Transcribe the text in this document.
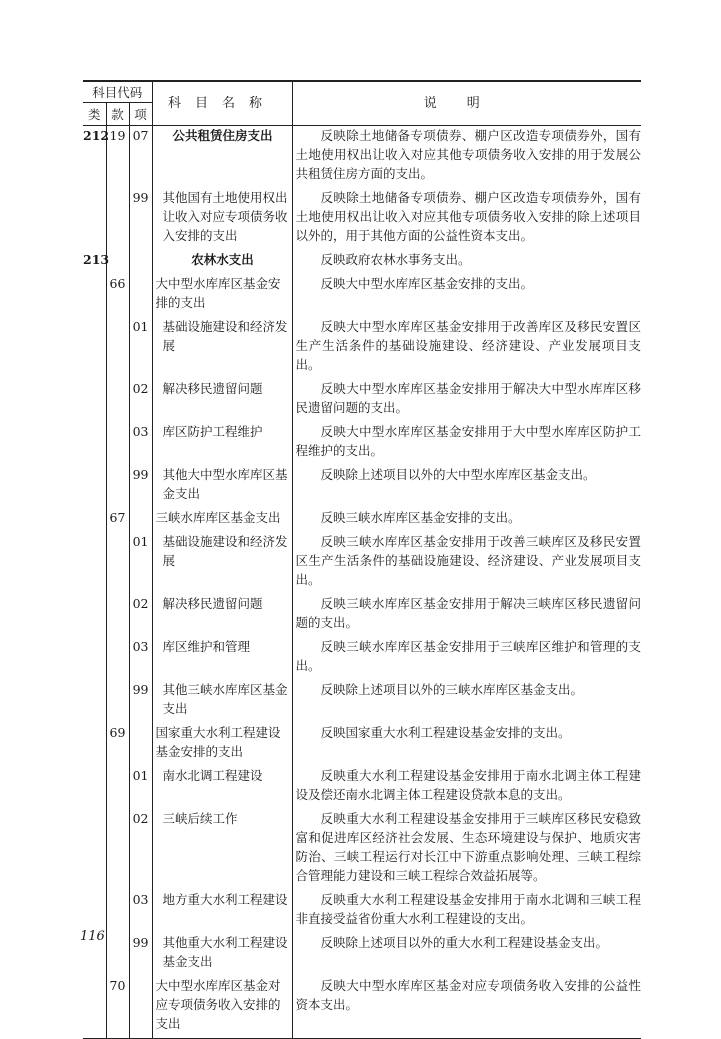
科目代码			科目名称	说明
类	款	项		
212	19	07	公共租赁住房支出	反映除土地储备专项债券、棚户区改造专项债券外，国有土地使用权出让收入对应其他专项债务收入安排的用于发展公共租赁住房方面的支出。
		99	其他国有土地使用权出让收入对应专项债务收入安排的支出	反映除土地储备专项债券、棚户区改造专项债券外，国有土地使用权出让收入对应其他专项债务收入安排的除上述项目以外的，用于其他方面的公益性资本支出。
213			农林水支出	反映政府农林水事务支出。
	66		大中型水库库区基金安排的支出	反映大中型水库库区基金安排的支出。
		01	基础设施建设和经济发展	反映大中型水库库区基金安排用于改善库区及移民安置区生产生活条件的基础设施建设、经济建设、产业发展项目支出。
		02	解决移民遗留问题	反映大中型水库库区基金安排用于解决大中型水库库区移民遗留问题的支出。
		03	库区防护工程维护	反映大中型水库库区基金安排用于大中型水库库区防护工程维护的支出。
		99	其他大中型水库库区基金支出	反映除上述项目以外的大中型水库库区基金支出。
	67		三峡水库库区基金支出	反映三峡水库库区基金安排的支出。
		01	基础设施建设和经济发展	反映三峡水库库区基金安排用于改善三峡库区及移民安置区生产生活条件的基础设施建设、经济建设、产业发展项目支出。
		02	解决移民遗留问题	反映三峡水库库区基金安排用于解决三峡库区移民遗留问题的支出。
		03	库区维护和管理	反映三峡水库库区基金安排用于三峡库区维护和管理的支出。
		99	其他三峡水库库区基金支出	反映除上述项目以外的三峡水库库区基金支出。
	69		国家重大水利工程建设基金安排的支出	反映国家重大水利工程建设基金安排的支出。
		01	南水北调工程建设	反映重大水利工程建设基金安排用于南水北调主体工程建设及偿还南水北调主体工程建设贷款本息的支出。
		02	三峡后续工作	反映重大水利工程建设基金安排用于三峡库区移民安稳致富和促进库区经济社会发展、生态环境建设与保护、地质灾害防治、三峡工程运行对长江中下游重点影响处理、三峡工程综合管理能力建设和三峡工程综合效益拓展等。
		03	地方重大水利工程建设	反映重大水利工程建设基金安排用于南水北调和三峡工程非直接受益省份重大水利工程建设的支出。
		99	其他重大水利工程建设基金支出	反映除上述项目以外的重大水利工程建设基金支出。
	70		大中型水库库区基金对应专项债务收入安排的支出	反映大中型水库库区基金对应专项债务收入安排的公益性资本支出。
116
